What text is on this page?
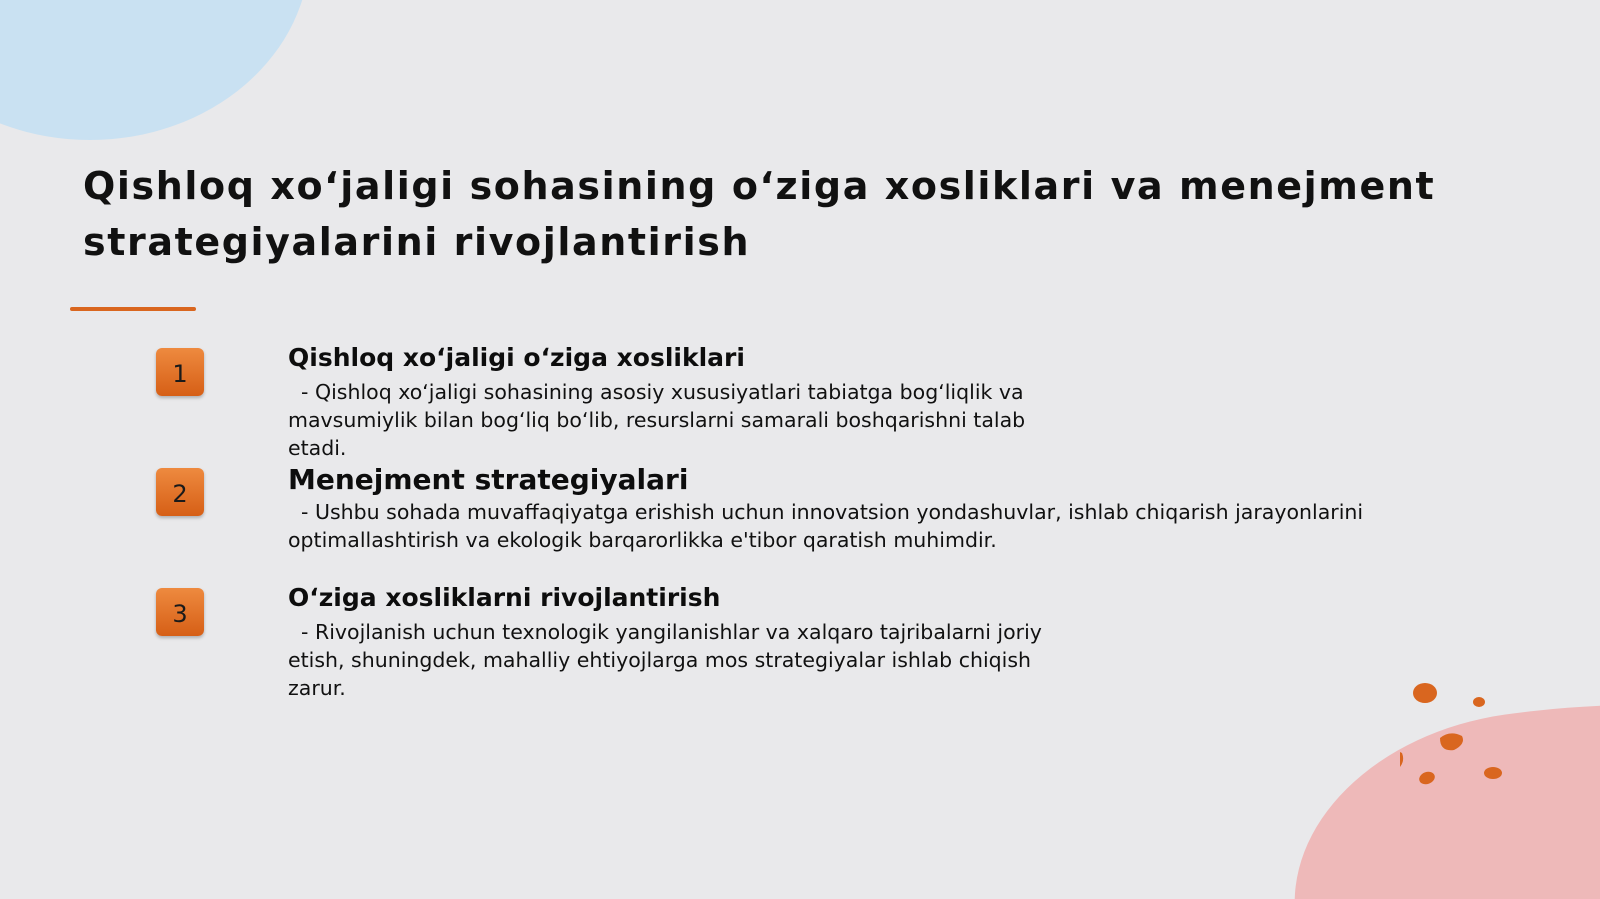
Qishloq xoʻjaligi sohasining oʻziga xosliklari va menejment strategiyalarini rivojlantirish
1
Qishloq xoʻjaligi oʻziga xosliklari

- Qishloq xoʻjaligi sohasining asosiy xususiyatlari tabiatga bogʻliqlik va
mavsumiylik bilan bogʻliq boʻlib, resurslarni samarali boshqarishni talab
etadi.

2	Menejment strategiyalari

- Ushbu sohada muvaffaqiyatga erishish uchun innovatsion yondashuvlar, ishlab chiqarish jarayonlarini
optimallashtirish va ekologik barqarorlikka e'tibor qaratish muhimdir.

3
Oʻziga xosliklarni rivojlantirish

- Rivojlanish uchun texnologik yangilanishlar va xalqaro tajribalarni joriy
etish, shuningdek, mahalliy ehtiyojlarga mos strategiyalar ishlab chiqish
zarur.
